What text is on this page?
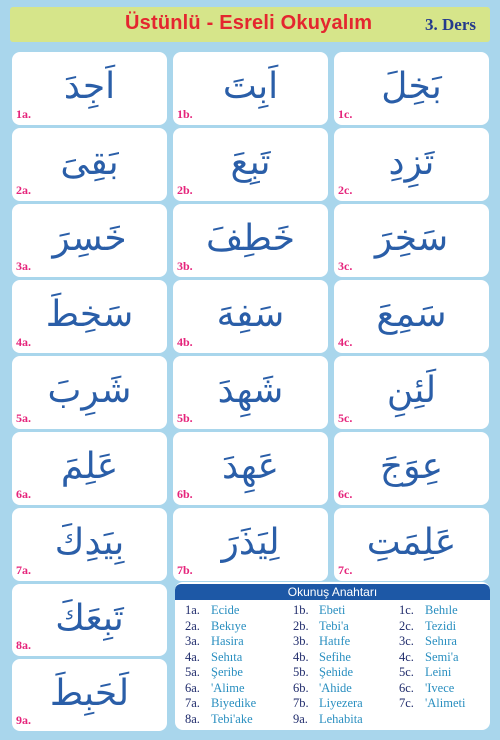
Üstünlü - Esreli Okuyalım	3. Ders
اَجِدَ
1a.
اَبِتَ
1b.
بَخِلَ
1c.
بَقِىَ
2a.
تَبِعَ
2b.
تَزِدِ
2c.
خَسِرَ
3a.
خَطِفَ
3b.
سَخِرَ
3c.
سَخِطَ
4a.
سَفِهَ
4b.
سَمِعَ
4c.
شَرِبَ
5a.
شَهِدَ
5b.
لَئِنِ
5c.
عَلِمَ
6a.
عَهِدَ
6b.
عِوَجَ
6c.
بِيَدِكَ
7a.
لِيَذَرَ
7b.
عَلِمَتِ
7c.
تَبِعَكَ
8a.
لَحَبِطَ
9a.
Okunuş Anahtarı
1a. Ecide
2a. Bekıye
3a. Hasira
4a. Sehıta
5a. Şeribe
6a. 'Alime
7a. Biyedike
8a. Tebi'ake
1b. Ebeti
2b. Tebi'a
3b. Hatıfe
4b. Sefihe
5b. Şehide
6b. 'Ahide
7b. Liyezera
9a. Lehabita
1c. Behıle
2c. Tezidi
3c. Sehıra
4c. Semi'a
5c. Leini
6c. 'Ivece
7c. 'Alimeti
